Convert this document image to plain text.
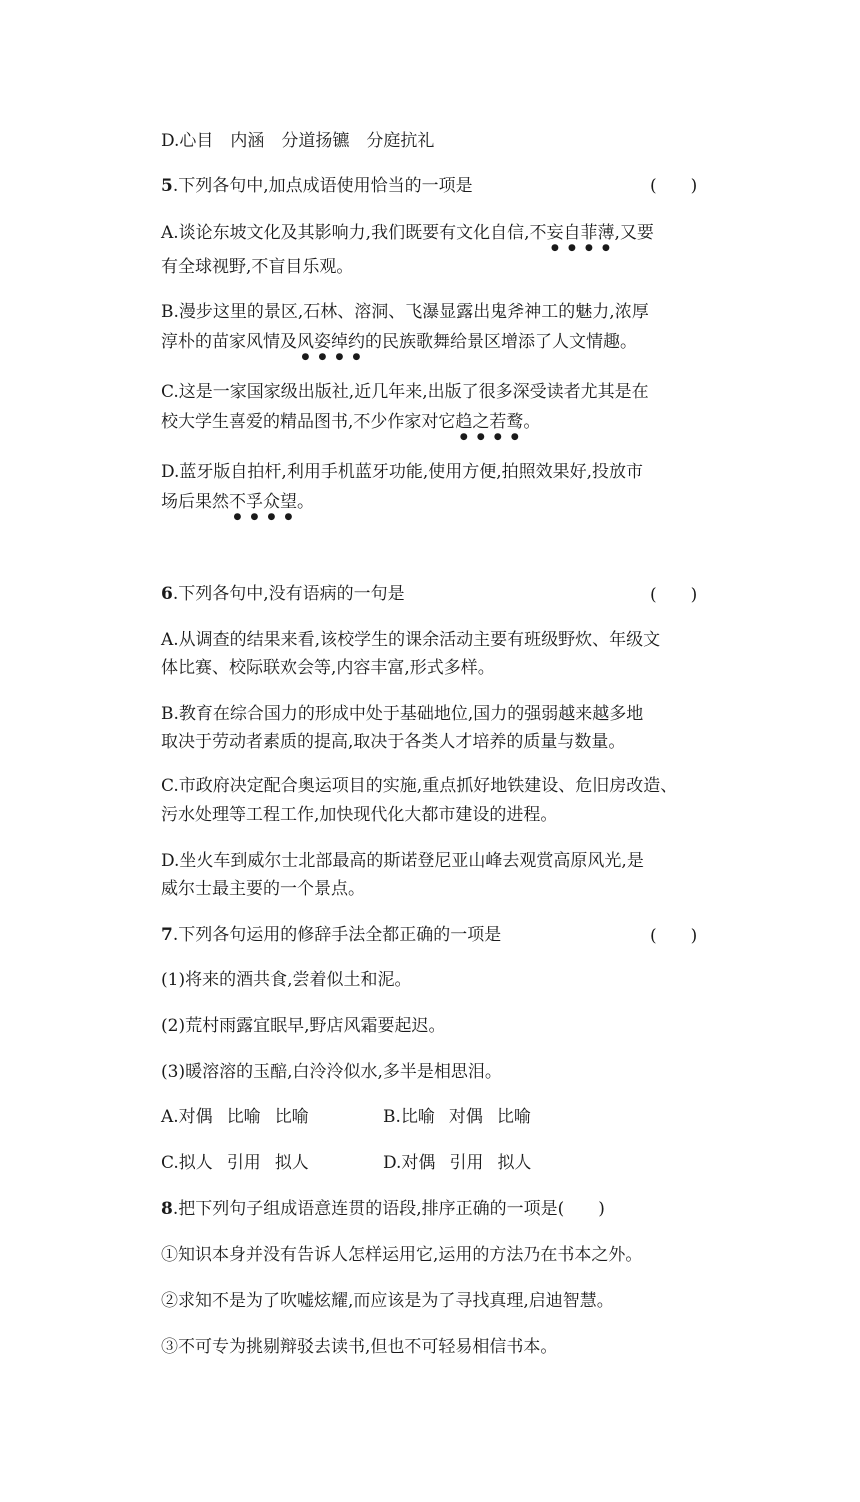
D.心目　内涵　分道扬镳　分庭抗礼
5.下列各句中,加点成语使用恰当的一项是	(　　)
A.谈论东坡文化及其影响力,我们既要有文化自信,不妄自菲薄,又要
有全球视野,不盲目乐观。
B.漫步这里的景区,石林、溶洞、飞瀑显露出鬼斧神工的魅力,浓厚
淳朴的苗家风情及风姿绰约的民族歌舞给景区增添了人文情趣。
C.这是一家国家级出版社,近几年来,出版了很多深受读者尤其是在
校大学生喜爱的精品图书,不少作家对它趋之若鹜。
D.蓝牙版自拍杆,利用手机蓝牙功能,使用方便,拍照效果好,投放市
场后果然不孚众望。
6.下列各句中,没有语病的一句是	(　　)
A.从调查的结果来看,该校学生的课余活动主要有班级野炊、年级文
体比赛、校际联欢会等,内容丰富,形式多样。
B.教育在综合国力的形成中处于基础地位,国力的强弱越来越多地
取决于劳动者素质的提高,取决于各类人才培养的质量与数量。
C.市政府决定配合奥运项目的实施,重点抓好地铁建设、危旧房改造、
污水处理等工程工作,加快现代化大都市建设的进程。
D.坐火车到威尔士北部最高的斯诺登尼亚山峰去观赏高原风光,是
威尔士最主要的一个景点。
7.下列各句运用的修辞手法全都正确的一项是	(　　)
(1)将来的酒共食,尝着似土和泥。
(2)荒村雨露宜眠早,野店风霜要起迟。
(3)暖溶溶的玉醅,白泠泠似水,多半是相思泪。
A.对偶 比喻 比喻	B.比喻 对偶 比喻
C.拟人 引用 拟人	D.对偶 引用 拟人
8.把下列句子组成语意连贯的语段,排序正确的一项是(　　)
①知识本身并没有告诉人怎样运用它,运用的方法乃在书本之外。
②求知不是为了吹嘘炫耀,而应该是为了寻找真理,启迪智慧。
③不可专为挑剔辩驳去读书,但也不可轻易相信书本。
